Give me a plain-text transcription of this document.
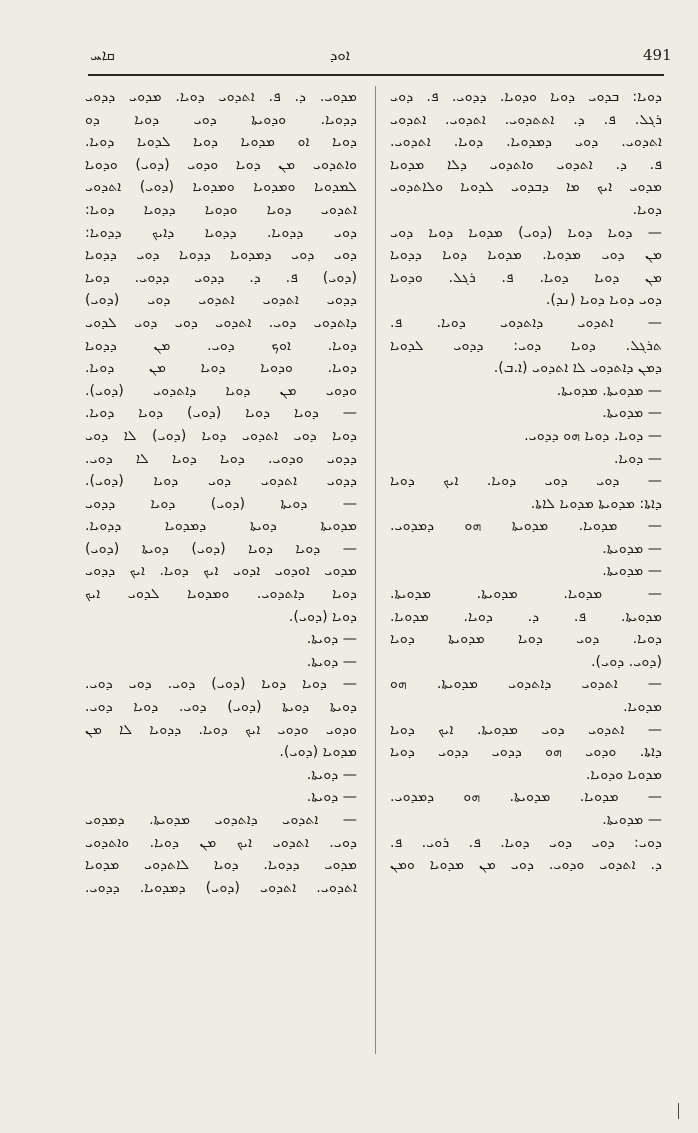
ܩܐܚ	ܐܘܕ	491
ܕܘܝܐ: ܒܕܘܝ ܕܘܝܐ ܘܕܘܝܐ. ܕܕܘܝ. ܦ. ܕܘܝ
ܪܓܠ. ܦ. ܕ. ܐܬܬܕܘܝ. ܐܬܕܘܝ. ܐܬܕܘܝ
ܐܬܕܘܝ. ܕܘܝ ܕܡܕܘܝܐ. ܕܘܝܐ. ܐܬܕܘܝ.
ܦ. ܕ. ܐܬܕܘܝ ܘܐܬܕܘܝ ܕܠܐ ܡܕܘܝܐ
ܡܕܘܝ ܐܝܟ ܡܐ ܕܒܕܘܝ ܠܕܘܝܐ ܘܠܐܬܕܘܝ
ܕܘܝܐ.
— ܕܘܝܐ ܕܘܝܐ (ܕܘܝ) ܡܕܘܝܐ ܕܘܝܐ ܕܘܝ
ܡܢ ܕܘܝ ܡܕܘܝܐ. ܡܕܘܝܐ ܕܘܝܐ ܕܕܘܝܐ
ܡܢ ܕܘܝܐ ܕܘܝܐ. ܦ. ܪܓܠ. ܘܕܘܝܐ
ܕܘܝ ܕܘܝܐ ܕܘܝܐ (ܢܕ).
— ܐܬܕܘܝ ܕܐܬܕܘܝ ܕܘܝܐ. ܦ.
ܬܪܓܠ. ܕܘܝܐ ܕܘܝ: ܕܕܘܝ ܠܕܘܝܐ
ܕܡܢ ܕܐܬܕܘܝ ܠܐ ܐܬܕܘܝ (ܐ.ܒ).
— ܡܕܘܝܬܐ. ܡܕܘܝܬܐ.
— ܡܕܘܝܬܐ.
— ܕܘܝܐ. ܕܘܝܐ ܗܘ ܕܕܘܝ.
— ܕܘܝܐ.
— ܕܘܝ ܕܘܝ ܕܘܝܐ. ܐܝܟ ܕܘܝܐ
ܕܐܬܐ: ܡܕܘܝܬܐ ܡܕܘܝܐ ܠܐܬܐ.
— ܡܕܘܝܐ. ܡܕܘܝܬܐ ܗܘ ܕܡܕܘܝ.
— ܡܕܘܝܬܐ.
— ܡܕܘܝܬܐ.
— ܡܕܘܝܐ. ܡܕܘܝܬܐ. ܡܕܘܝܬܐ.
ܡܕܘܝܬܐ. ܦ. ܕ. ܕܘܝܐ. ܡܕܘܝܐ.
ܕܘܝܐ. ܕܘܝ ܕܘܝܐ ܡܕܘܝܬܐ ܕܘܝܐ
(ܕܘܝ. ܕܘܝ).
— ܐܬܕܘܝ ܕܐܬܕܘܝ ܡܕܘܝܬܐ. ܗܘ
ܡܕܘܝܐ.
— ܐܬܕܘܝ ܕܘܝ ܡܕܘܝܬܐ. ܐܝܟ ܕܘܝܐ
ܕܐܬܐ. ܘܕܘܝ ܗܘ ܕܕܘܝ ܕܕܘܝ ܕܘܝܐ
ܡܕܘܝܐ ܘܕܘܝܐ.
— ܡܕܘܝܐ. ܡܕܘܝܬܐ. ܗܘ ܕܡܕܘܝ.
— ܡܕܘܝܬܐ.
ܕܘܝ: ܕܘܝ ܕܘܝ ܕܘܝܐ. ܦ. ܪܘܝ. ܦ.
ܕ. ܐܬܕܘܝ ܘܕܘܝ. ܕܘܝ ܡܢ ܡܕܘܝܐ ܘܡܢ
ܡܕܘܝ. ܕ. ܦ. ܐܬܕܘܝ ܕܘܝܐ. ܡܕܘܝ ܕܕܘܝ
ܕܕܘܝܐ. ܘܕܘܝܬܐ ܕܘܝ ܕܘܝܐ ܕܘ
ܕܘܝܐ ܐܘ ܡܕܘܝܐ ܕܘܝܐ ܠܕܘܝܐ ܕܘܝܐ.
ܘܐܬܕܘܝ ܡܢ ܕܘܝܐ ܘܕܘܝ (ܕܘܝ) ܘܕܘܝܐ
ܠܡܕܘܝܐ ܘܡܕܘܝܐ ܘܡܕܘܝܐ (ܕܘܝ) ܐܬܕܘܝ
ܐܬܕܘܝ ܕܘܝܐ ܘܕܘܝܐ ܕܕܘܝܐ ܕܘܝܐ:
ܕܘܝ ܕܕܘܝܐ. ܕܕܘܝܐ ܕܐܝܟ ܕܕܘܝܐ:
ܕܘܝ ܕܘܝ ܕܡܕܘܝܐ ܕܕܘܝܐ ܕܘܝ ܕܕܘܝܐ
(ܕܘܝ) ܦ. ܕ. ܕܕܘܝ ܕܕܘܝ. ܕܘܝܐ
ܕܕܘܝ ܐܬܕܘܝ ܐܬܕܘܝ ܕܘܝ (ܕܘܝ)
ܕܐܬܕܘܝ ܕܘܝ. ܐܬܕܘܝ ܕܘܝ ܕܘܝ ܠܕܘܝ
ܕܘܝܐ. ܐܘܟ ܕܘܝ. ܡܢ ܕܕܘܝܐ
ܕܘܝܐ. ܘܕܘܝܐ ܕܘܝܐ ܡܢ ܕܘܝܐ.
ܘܕܘܝ ܡܢ ܕܘܝܐ ܕܐܬܕܘܝ (ܕܘܝ).
— ܕܘܝܐ ܕܘܝܐ (ܕܘܝ) ܕܘܝܐ ܕܘܝܐ.
ܕܘܝܐ ܕܘܝ ܐܬܕܘܝ ܕܘܝܐ (ܕܘܝ) ܠܐ ܕܘܝ
ܕܕܘܝ ܘܕܘܝ. ܕܘܝܐ ܕܘܝܐ ܠܐ ܕܘܝ.
ܕܕܘܝ ܐܬܕܘܝ ܕܘܝ ܕܘܝܐ (ܕܘܝ).
— ܕܘܝܬܐ (ܕܘܝ) ܕܘܝܐ ܕܕܘܝ
ܡܕܘܝܬܐ ܕܘܝܬܐ ܕܡܕܘܝܐ ܕܕܘܝܐ.
— ܕܘܝܐ ܕܘܝܐ (ܕܘܝ) ܕܘܝܬܐ (ܕܘܝ)
ܡܕܘܝ ܐܘܕܘܝ ܐܕܘܝ ܐܝܟ ܕܘܝܐ. ܐܝܟ ܕܕܘܝ
ܕܘܝܐ ܕܐܬܕܘܝ. ܘܡܕܘܝܐ ܠܕܘܝ ܐܝܟ
ܕܘܝܐ (ܕܘܝ).
— ܕܘܝܬܐ.
— ܕܘܝܬܐ.
— ܕܘܝܐ ܕܘܝܐ (ܕܘܝ) ܕܘܝ. ܕܘܝ ܕܘܝ.
ܕܘܝܬܐ ܕܘܝܬܐ (ܕܘܝ) ܕܘܝ. ܕܘܝܐ ܕܘܝ.
ܘܕܘܝ ܘܕܘܝ ܐܝܟ ܕܘܝܐ. ܕܕܘܝܐ ܠܐ ܡܢ
ܡܕܘܝܐ (ܕܘܝ).
— ܕܘܝܬܐ.
— ܕܘܝܬܐ.
— ܐܬܕܘܝ ܕܐܬܕܘܝ ܡܕܘܝܬܐ. ܕܡܕܘܝ
ܕܘܝ. ܐܬܕܘܝ ܐܝܟ ܡܢ ܕܘܝܐ. ܘܐܬܕܘܝ
ܡܕܘܝ ܕܕܘܝܐ. ܕܘܝܐ ܠܐܬܕܘܝ ܡܕܘܝܐ
ܐܬܕܘܝ. ܐܬܕܘܝ (ܕܘܝ) ܕܡܕܘܝܐ. ܕܕܘܝ.
